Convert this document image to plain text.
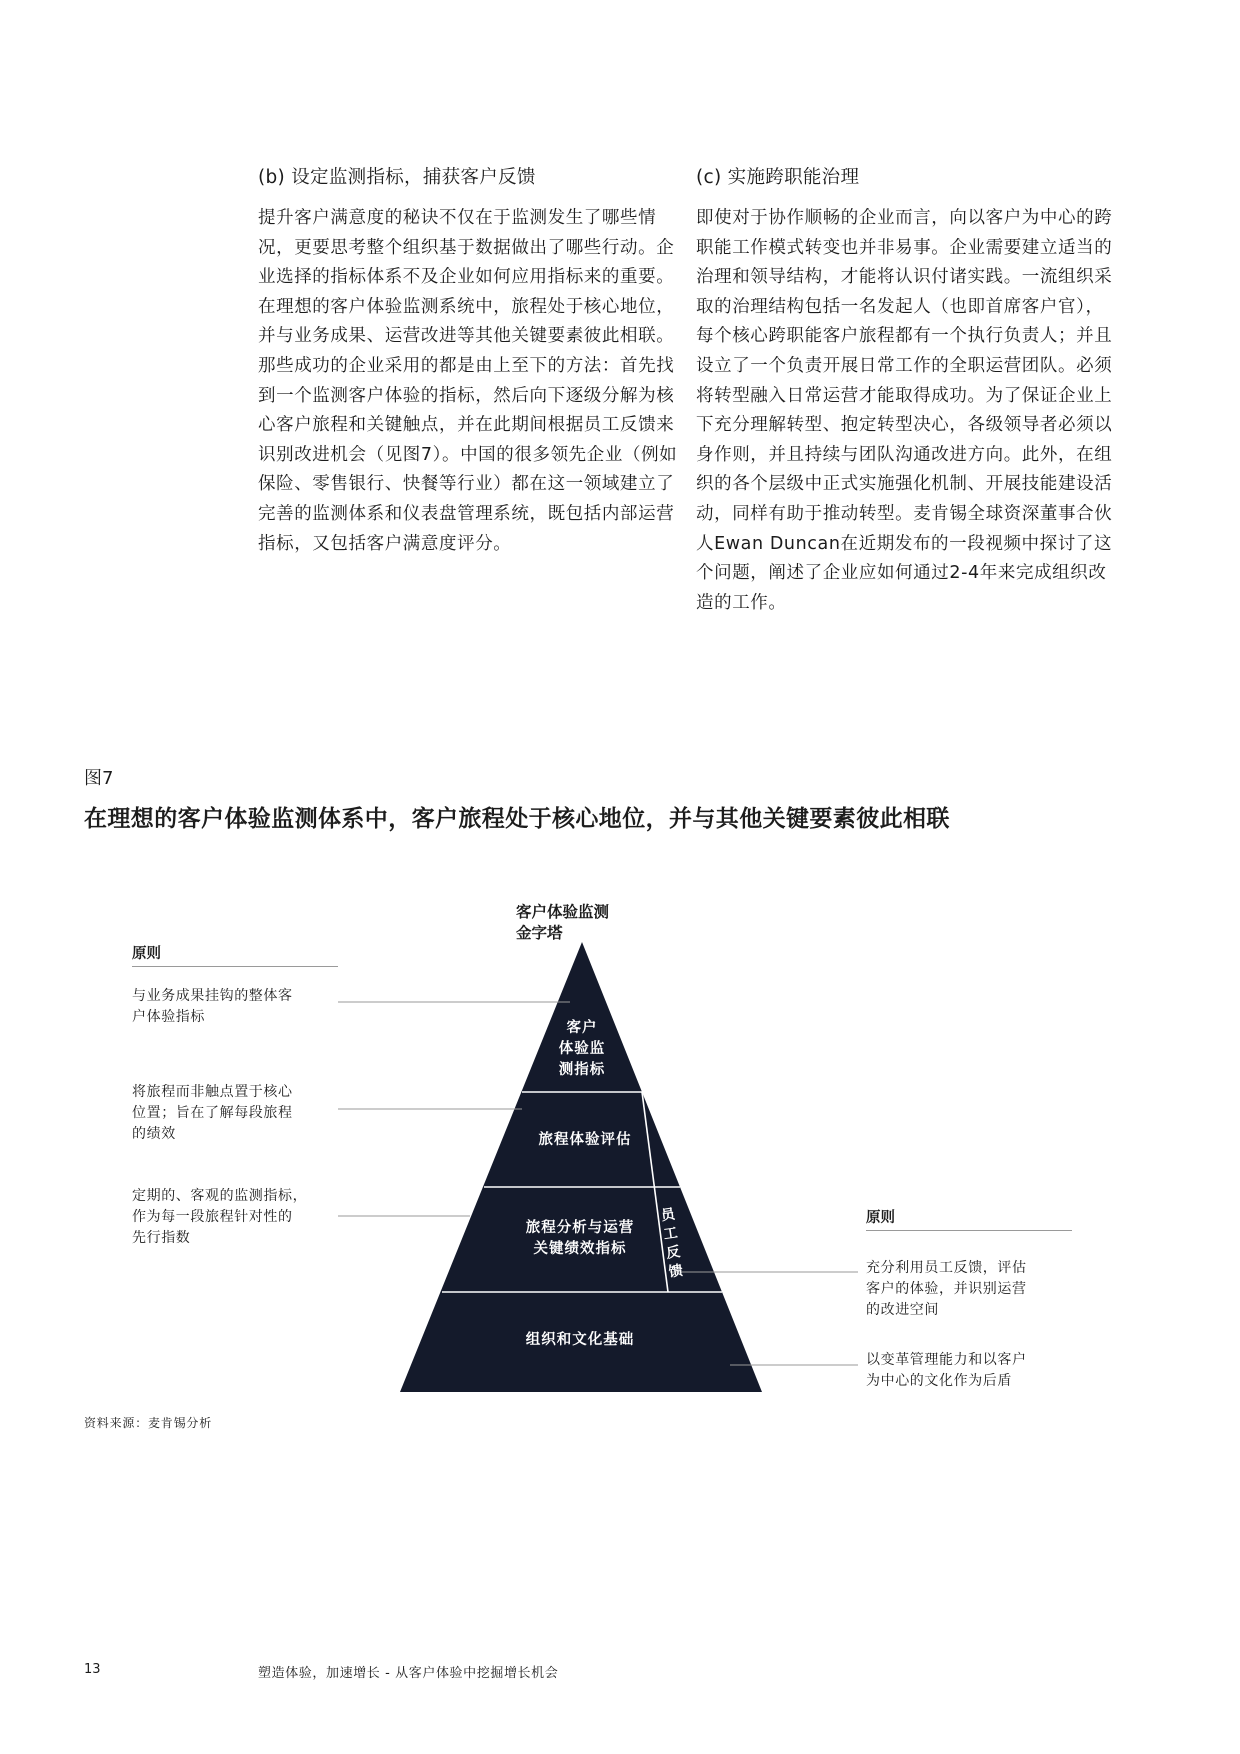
(b) 设定监测指标，捕获客户反馈

提升客户满意度的秘诀不仅在于监测发生了哪些情况，更要思考整个组织基于数据做出了哪些行动。企业选择的指标体系不及企业如何应用指标来的重要。在理想的客户体验监测系统中，旅程处于核心地位，并与业务成果、运营改进等其他关键要素彼此相联。那些成功的企业采用的都是由上至下的方法：首先找到一个监测客户体验的指标，然后向下逐级分解为核心客户旅程和关键触点，并在此期间根据员工反馈来识别改进机会（见图7）。中国的很多领先企业（例如保险、零售银行、快餐等行业）都在这一领域建立了完善的监测体系和仪表盘管理系统，既包括内部运营指标，又包括客户满意度评分。

(c) 实施跨职能治理

即使对于协作顺畅的企业而言，向以客户为中心的跨职能工作模式转变也并非易事。企业需要建立适当的治理和领导结构，才能将认识付诸实践。一流组织采取的治理结构包括一名发起人（也即首席客户官），每个核心跨职能客户旅程都有一个执行负责人；并且设立了一个负责开展日常工作的全职运营团队。必须将转型融入日常运营才能取得成功。为了保证企业上下充分理解转型、抱定转型决心，各级领导者必须以身作则，并且持续与团队沟通改进方向。此外，在组织的各个层级中正式实施强化机制、开展技能建设活动，同样有助于推动转型。麦肯锡全球资深董事合伙人Ewan Duncan在近期发布的一段视频中探讨了这个问题，阐述了企业应如何通过2-4年来完成组织改造的工作。

图7
在理想的客户体验监测体系中，客户旅程处于核心地位，并与其他关键要素彼此相联
客户体验监测
金字塔
客户
体验监
测指标
旅程体验评估
旅程分析与运营
关键绩效指标
组织和文化基础
员工反馈
原则
与业务成果挂钩的整体客
户体验指标
将旅程而非触点置于核心
位置；旨在了解每段旅程
的绩效
定期的、客观的监测指标，
作为每一段旅程针对性的
先行指数
原则
充分利用员工反馈，评估
客户的体验，并识别运营
的改进空间
以变革管理能力和以客户
为中心的文化作为后盾
资料来源：麦肯锡分析
13	塑造体验，加速增长 - 从客户体验中挖掘增长机会
